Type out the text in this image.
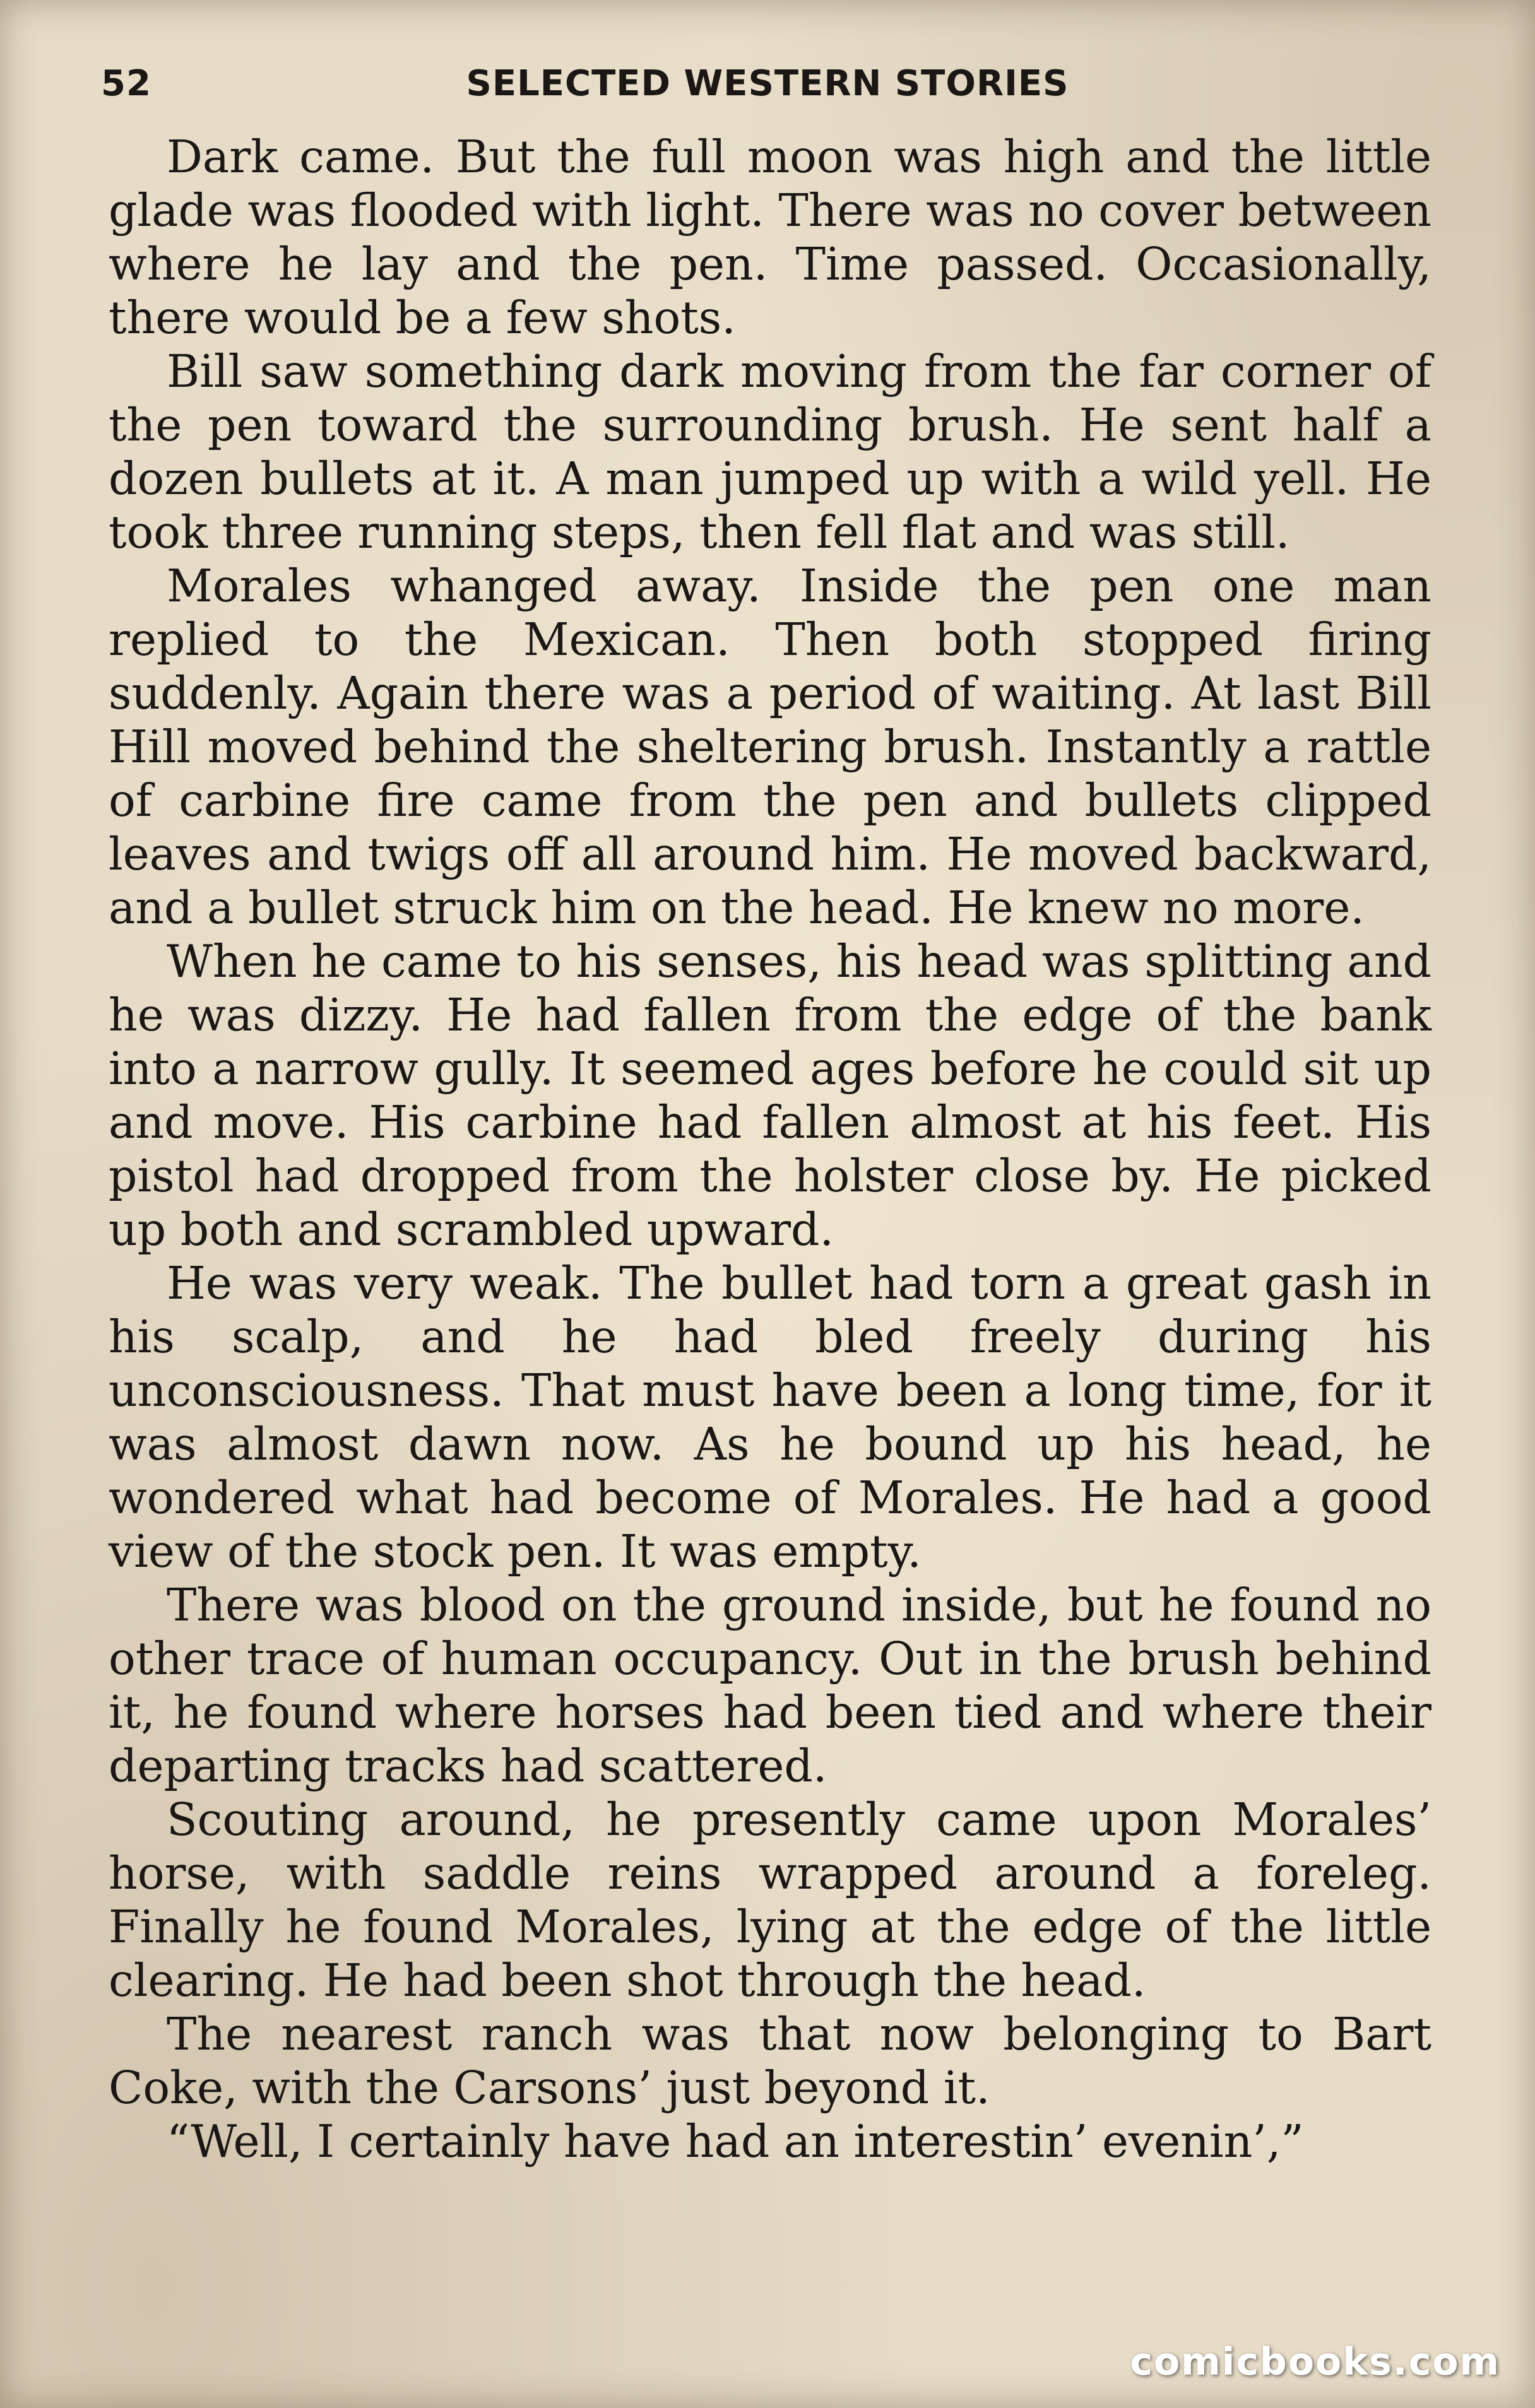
52	SELECTED WESTERN STORIES

Dark came. But the full moon was high and the little glade was flooded with light. There was no cover between where he lay and the pen. Time passed. Occasionally, there would be a few shots.

Bill saw something dark moving from the far corner of the pen toward the surrounding brush. He sent half a dozen bullets at it. A man jumped up with a wild yell. He took three running steps, then fell flat and was still.

Morales whanged away. Inside the pen one man replied to the Mexican. Then both stopped firing suddenly. Again there was a period of waiting. At last Bill Hill moved behind the sheltering brush. Instantly a rattle of carbine fire came from the pen and bullets clipped leaves and twigs off all around him. He moved backward, and a bullet struck him on the head. He knew no more.

When he came to his senses, his head was splitting and he was dizzy. He had fallen from the edge of the bank into a narrow gully. It seemed ages before he could sit up and move. His carbine had fallen almost at his feet. His pistol had dropped from the holster close by. He picked up both and scrambled upward.

He was very weak. The bullet had torn a great gash in his scalp, and he had bled freely during his unconsciousness. That must have been a long time, for it was almost dawn now. As he bound up his head, he wondered what had become of Morales. He had a good view of the stock pen. It was empty.

There was blood on the ground inside, but he found no other trace of human occupancy. Out in the brush behind it, he found where horses had been tied and where their departing tracks had scattered.

Scouting around, he presently came upon Morales’ horse, with saddle reins wrapped around a foreleg. Finally he found Morales, lying at the edge of the little clearing. He had been shot through the head.

The nearest ranch was that now belonging to Bart Coke, with the Carsons’ just beyond it.

“Well, I certainly have had an interestin’ evenin’,”

comicbooks.com
